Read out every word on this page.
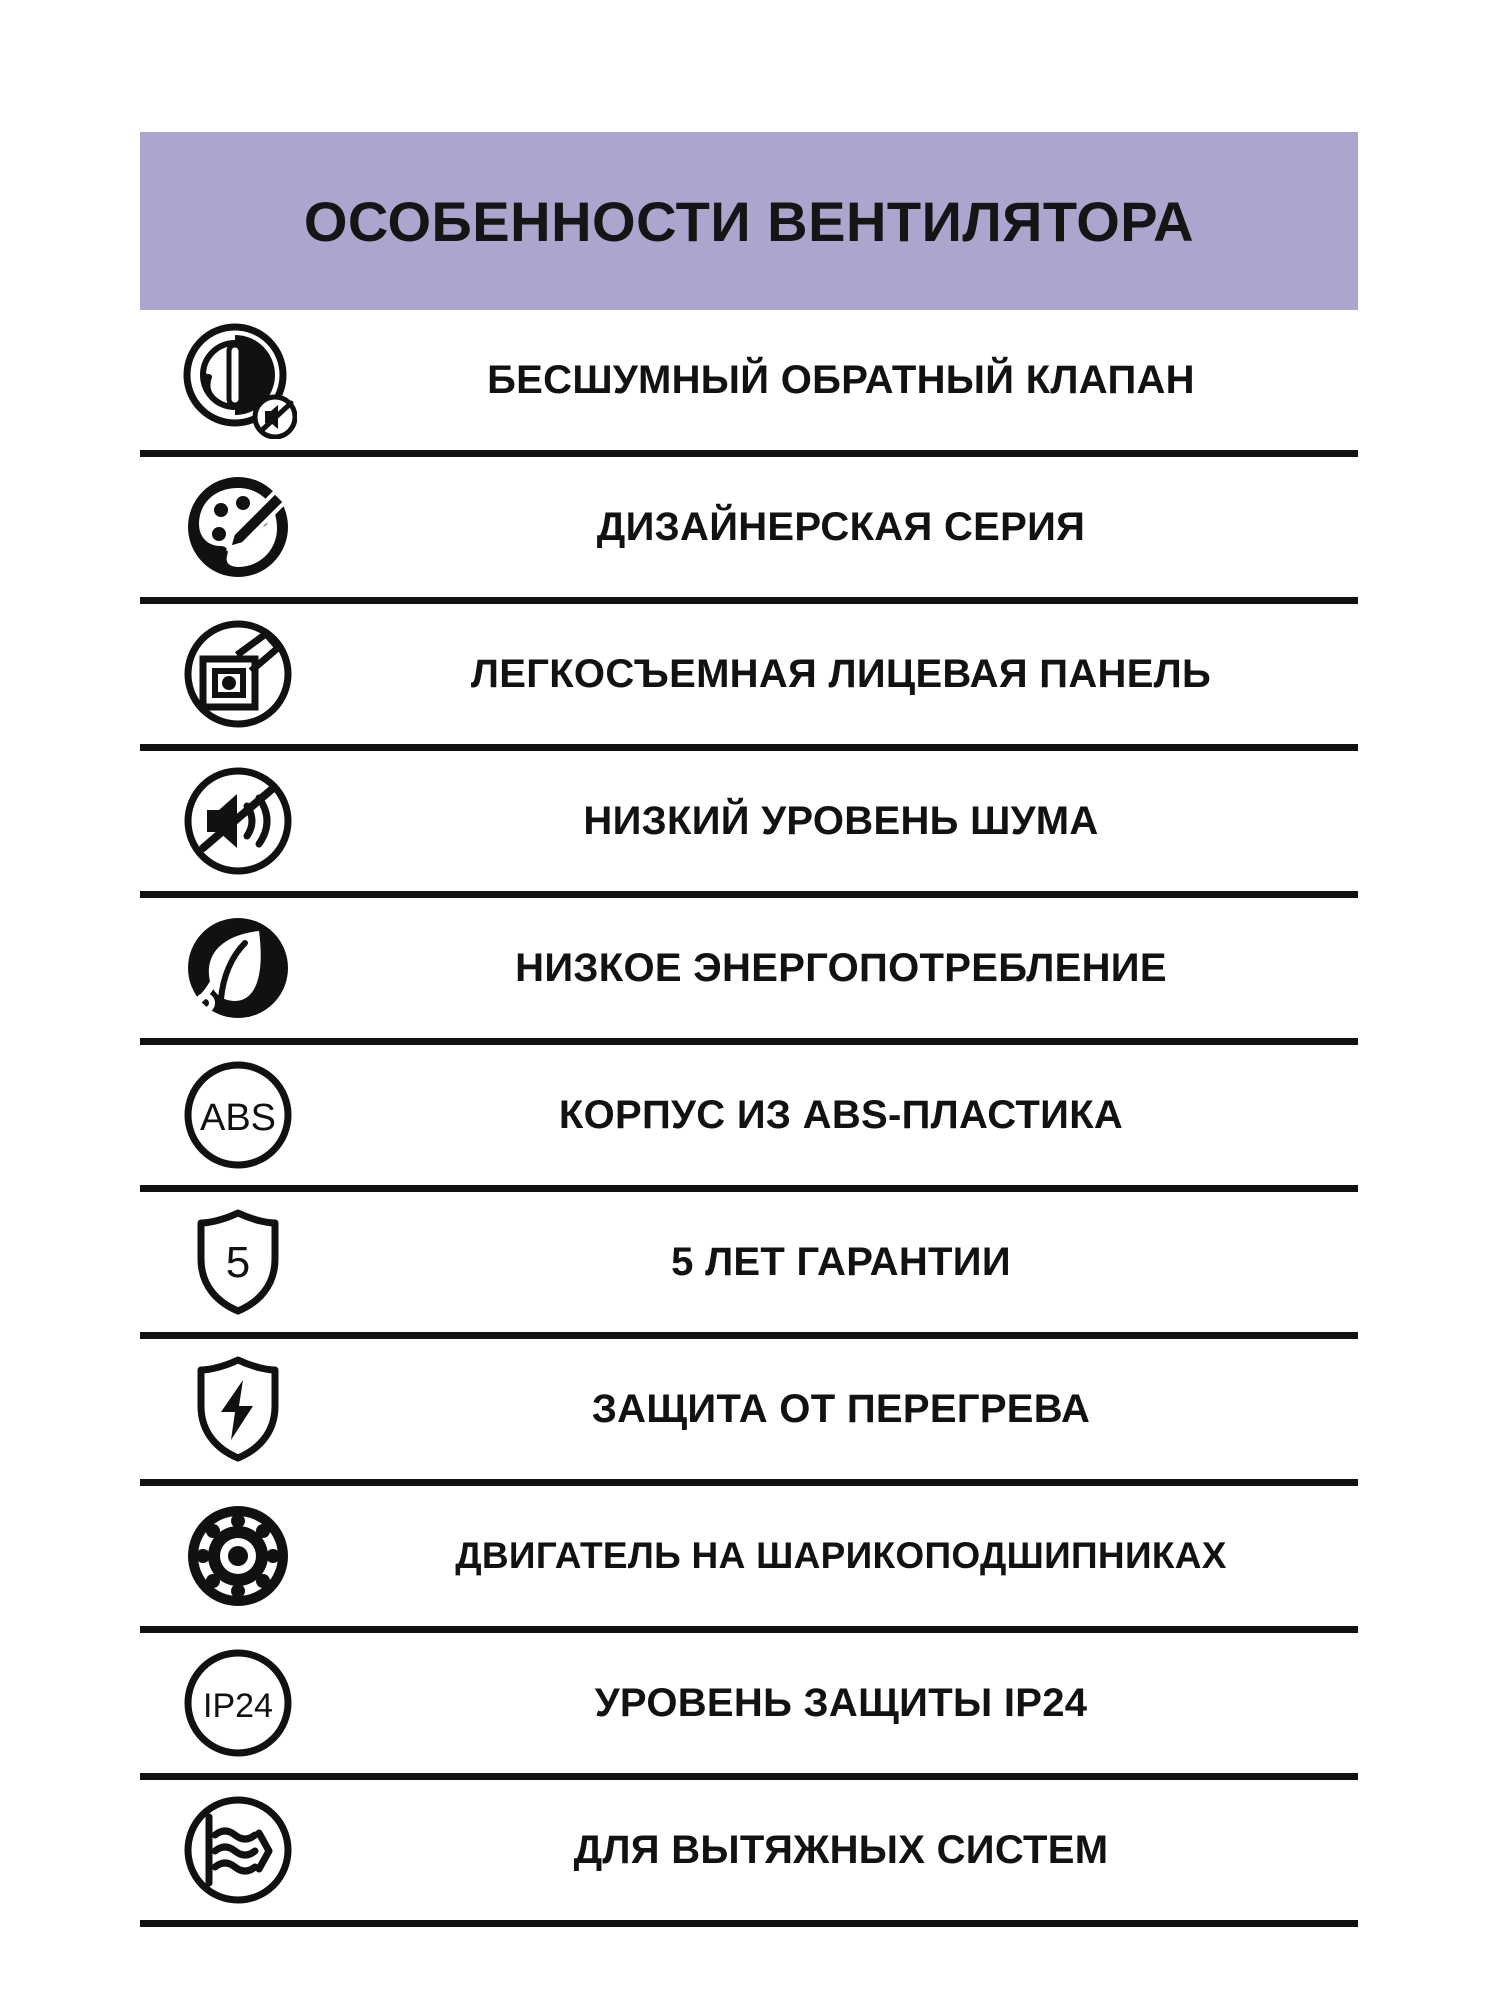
ОСОБЕННОСТИ ВЕНТИЛЯТОРА
БЕСШУМНЫЙ ОБРАТНЫЙ КЛАПАН
ДИЗАЙНЕРСКАЯ СЕРИЯ
ЛЕГКОСЪЕМНАЯ ЛИЦЕВАЯ ПАНЕЛЬ
НИЗКИЙ УРОВЕНЬ ШУМА
НИЗКОЕ ЭНЕРГОПОТРЕБЛЕНИЕ
ABS	КОРПУС ИЗ ABS-ПЛАСТИКА
5	5 ЛЕТ ГАРАНТИИ
ЗАЩИТА ОТ ПЕРЕГРЕВА
ДВИГАТЕЛЬ НА ШАРИКОПОДШИПНИКАХ
IP24	УРОВЕНЬ ЗАЩИТЫ IP24
ДЛЯ ВЫТЯЖНЫХ СИСТЕМ
